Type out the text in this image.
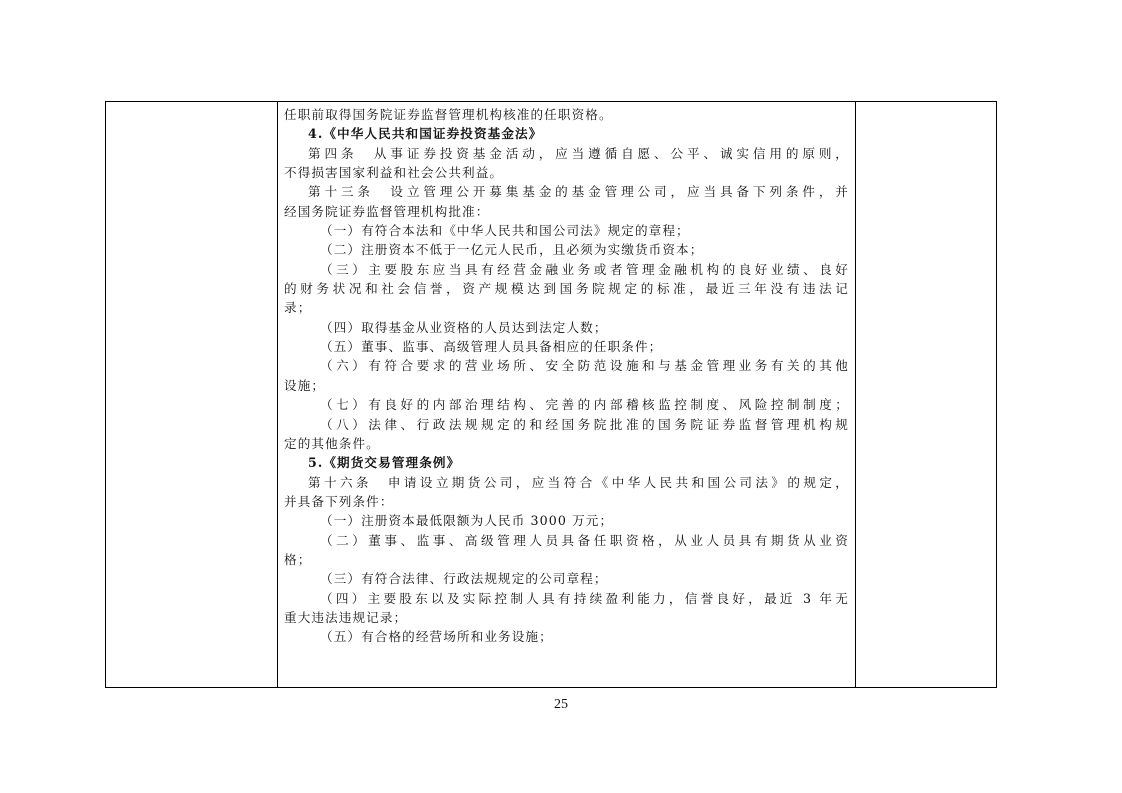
任职前取得国务院证券监督管理机构核准的任职资格。
4.《中华人民共和国证券投资基金法》
第四条　从事证券投资基金活动，应当遵循自愿、公平、诚实信用的原则，
不得损害国家利益和社会公共利益。
第十三条　设立管理公开募集基金的基金管理公司，应当具备下列条件，并
经国务院证券监督管理机构批准：
（一）有符合本法和《中华人民共和国公司法》规定的章程；
（二）注册资本不低于一亿元人民币，且必须为实缴货币资本；
（三）主要股东应当具有经营金融业务或者管理金融机构的良好业绩、良好
的财务状况和社会信誉，资产规模达到国务院规定的标准，最近三年没有违法记
录；
（四）取得基金从业资格的人员达到法定人数；
（五）董事、监事、高级管理人员具备相应的任职条件；
（六）有符合要求的营业场所、安全防范设施和与基金管理业务有关的其他
设施；
（七）有良好的内部治理结构、完善的内部稽核监控制度、风险控制制度；
（八）法律、行政法规规定的和经国务院批准的国务院证券监督管理机构规
定的其他条件。
5.《期货交易管理条例》
第十六条　申请设立期货公司，应当符合《中华人民共和国公司法》的规定，
并具备下列条件：
（一）注册资本最低限额为人民币 3000 万元；
（二）董事、监事、高级管理人员具备任职资格，从业人员具有期货从业资
格；
（三）有符合法律、行政法规规定的公司章程；
（四）主要股东以及实际控制人具有持续盈利能力，信誉良好，最近 3 年无
重大违法违规记录；
（五）有合格的经营场所和业务设施；

25
